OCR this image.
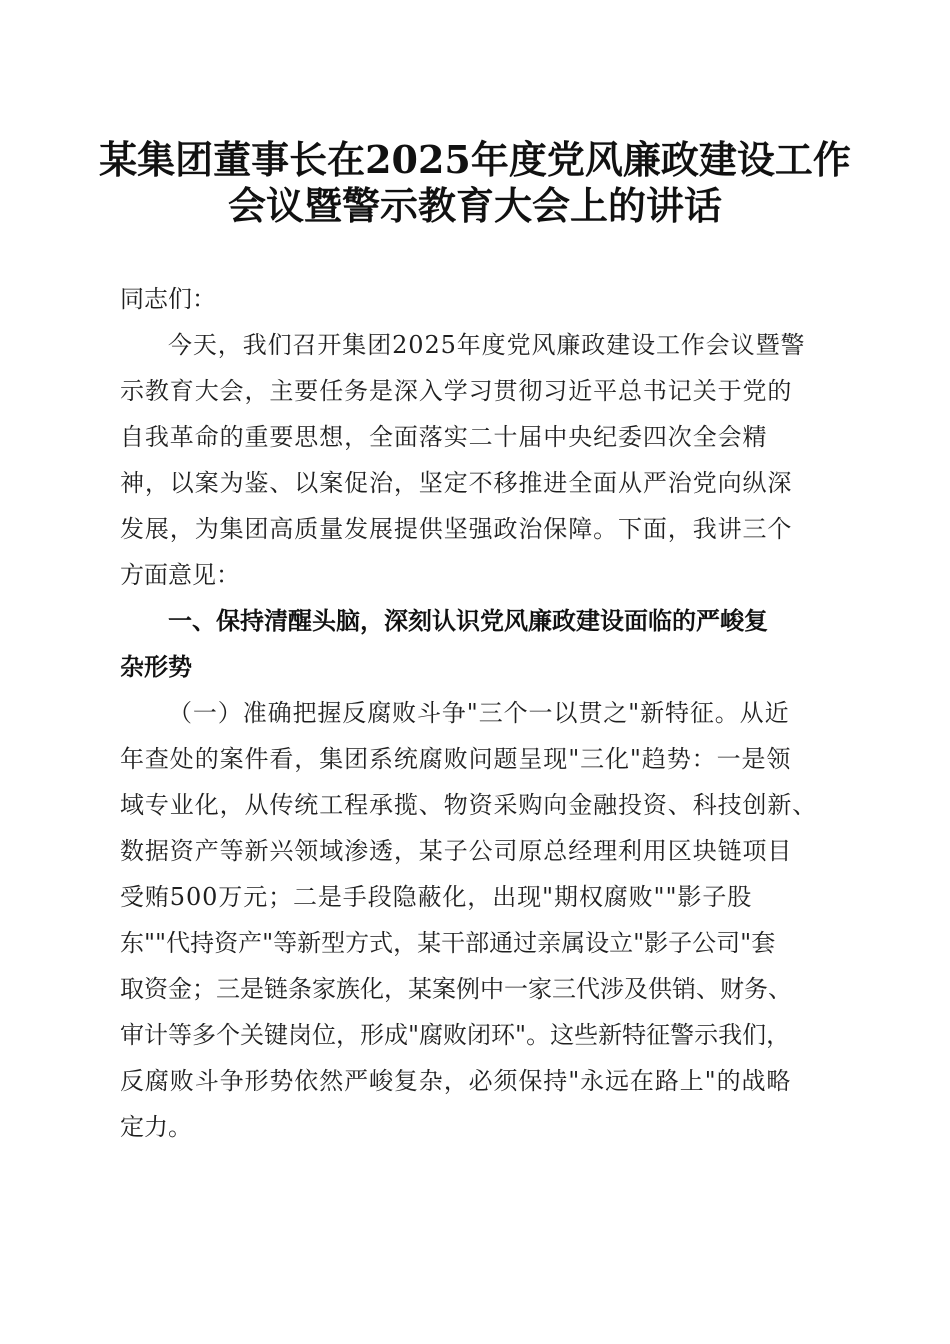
某集团董事长在2025年度党风廉政建设工作
会议暨警示教育大会上的讲话
同志们：
今天，我们召开集团2025年度党风廉政建设工作会议暨警
示教育大会，主要任务是深入学习贯彻习近平总书记关于党的
自我革命的重要思想，全面落实二十届中央纪委四次全会精
神，以案为鉴、以案促治，坚定不移推进全面从严治党向纵深
发展，为集团高质量发展提供坚强政治保障。下面，我讲三个
方面意见：
一、保持清醒头脑，深刻认识党风廉政建设面临的严峻复
杂形势
（一）准确把握反腐败斗争"三个一以贯之"新特征。从近
年查处的案件看，集团系统腐败问题呈现"三化"趋势：一是领
域专业化，从传统工程承揽、物资采购向金融投资、科技创新、
数据资产等新兴领域渗透，某子公司原总经理利用区块链项目
受贿500万元；二是手段隐蔽化，出现"期权腐败""影子股
东""代持资产"等新型方式，某干部通过亲属设立"影子公司"套
取资金；三是链条家族化，某案例中一家三代涉及供销、财务、
审计等多个关键岗位，形成"腐败闭环"。这些新特征警示我们，
反腐败斗争形势依然严峻复杂，必须保持"永远在路上"的战略
定力。
